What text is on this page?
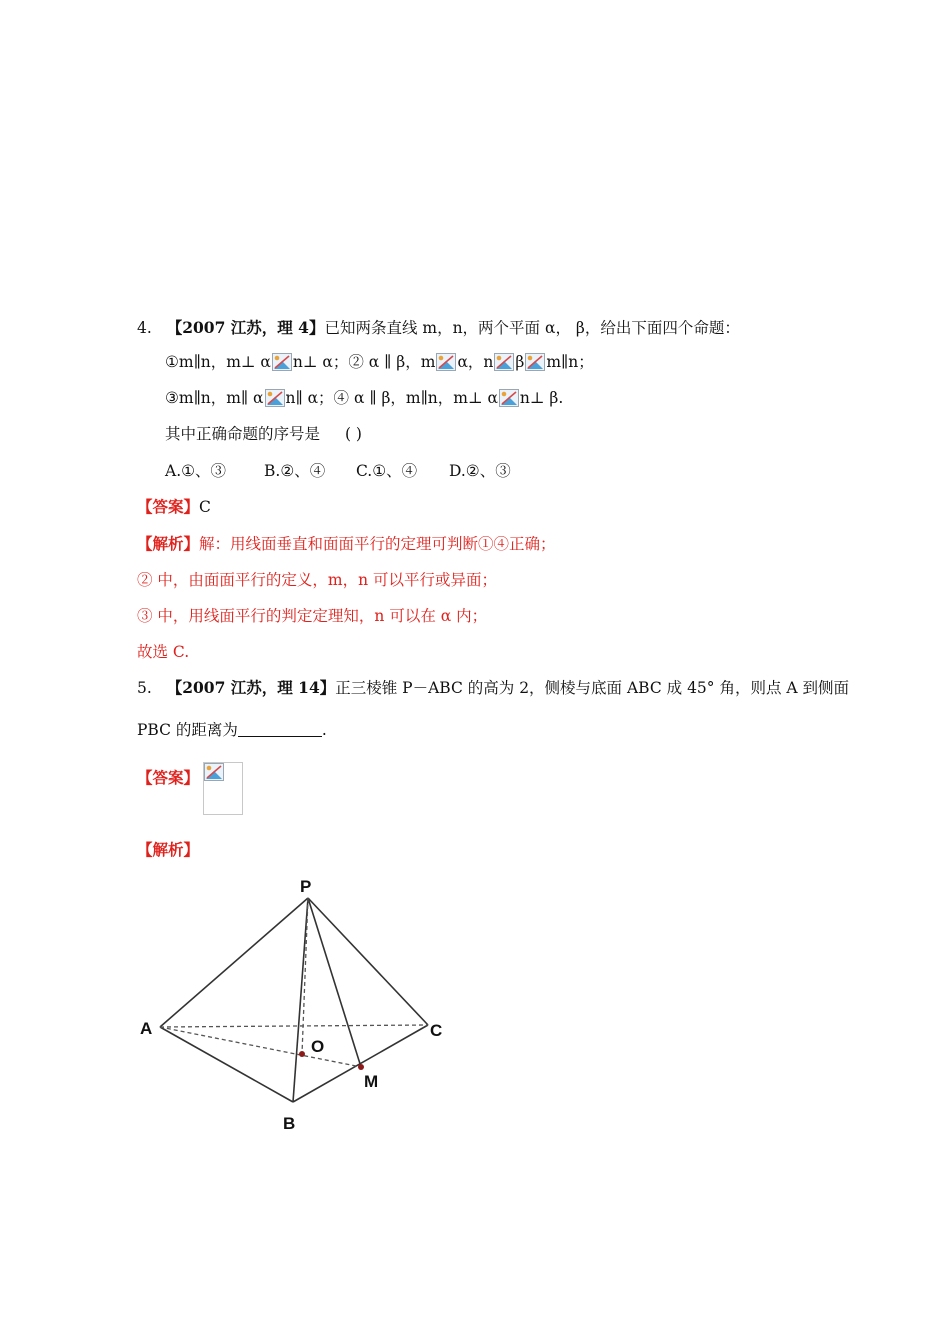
4. 【2007 江苏，理 4】已知两条直线 m，n，两个平面 α， β，给出下面四个命题：
①m∥n，m⊥ α n⊥ α；② α ∥ β，m α，n β m∥n；
③m∥n，m∥ α n∥ α；④ α ∥ β，m∥n，m⊥ α n⊥ β.
其中正确命题的序号是 ( )
A.①、③ B.②、④ C.①、④ D.②、③
【答案】C
【解析】解：用线面垂直和面面平行的定理可判断①④正确；
② 中，由面面平行的定义，m，n 可以平行或异面；
③ 中，用线面平行的判定定理知，n 可以在 α 内；
故选 C.
5. 【2007 江苏，理 14】正三棱锥 P－ABC 的高为 2，侧棱与底面 ABC 成 45° 角，则点 A 到侧面
PBC 的距离为	.
【答案】
【解析】
P
A	C
O
M
B
